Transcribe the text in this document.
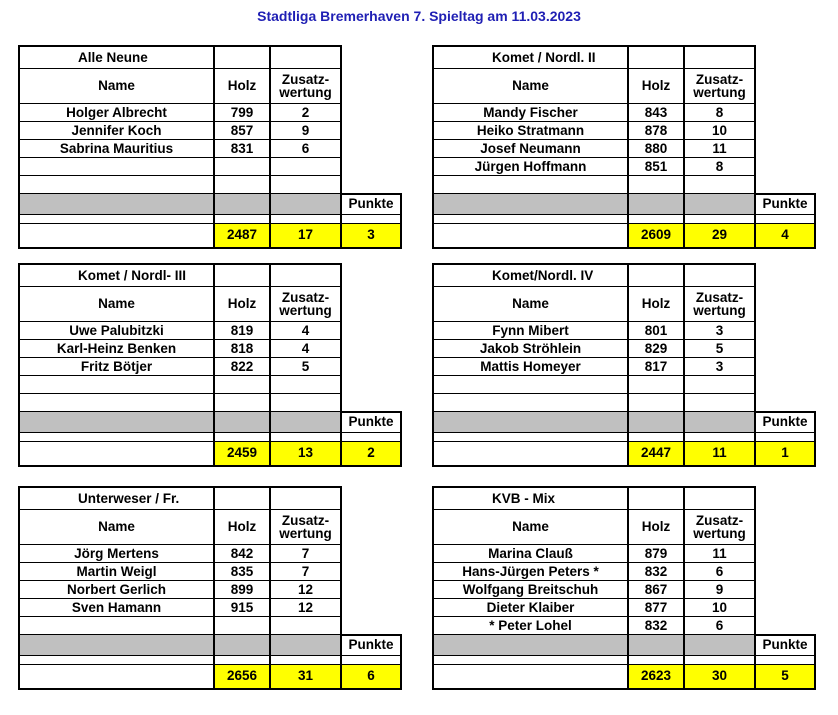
Stadtliga Bremerhaven 7. Spieltag am 11.03.2023
Alle Neune			
Name	Holz	Zusatz-
wertung	
Holger Albrecht	799	2	
Jennifer Koch	857	9	
Sabrina Mauritius	831	6	

			Punkte

	2487	17	3
Komet / Nordl. II			
Name	Holz	Zusatz-
wertung	
Mandy Fischer	843	8	
Heiko Stratmann	878	10	
Josef Neumann	880	11	
Jürgen Hoffmann	851	8	

			Punkte

	2609	29	4
Komet / Nordl- III			
Name	Holz	Zusatz-
wertung	
Uwe Palubitzki	819	4	
Karl-Heinz Benken	818	4	
Fritz Bötjer	822	5	

			Punkte

	2459	13	2
Komet/Nordl. IV			
Name	Holz	Zusatz-
wertung	
Fynn Mibert	801	3	
Jakob Ströhlein	829	5	
Mattis Homeyer	817	3	

			Punkte

	2447	11	1
Unterweser / Fr.			
Name	Holz	Zusatz-
wertung	
Jörg Mertens	842	7	
Martin Weigl	835	7	
Norbert Gerlich	899	12	
Sven Hamann	915	12	

			Punkte

	2656	31	6
KVB - Mix			
Name	Holz	Zusatz-
wertung	
Marina Clauß	879	11	
Hans-Jürgen Peters *	832	6	
Wolfgang Breitschuh	867	9	
Dieter Klaiber	877	10	
* Peter Lohel	832	6	
			Punkte

	2623	30	5
